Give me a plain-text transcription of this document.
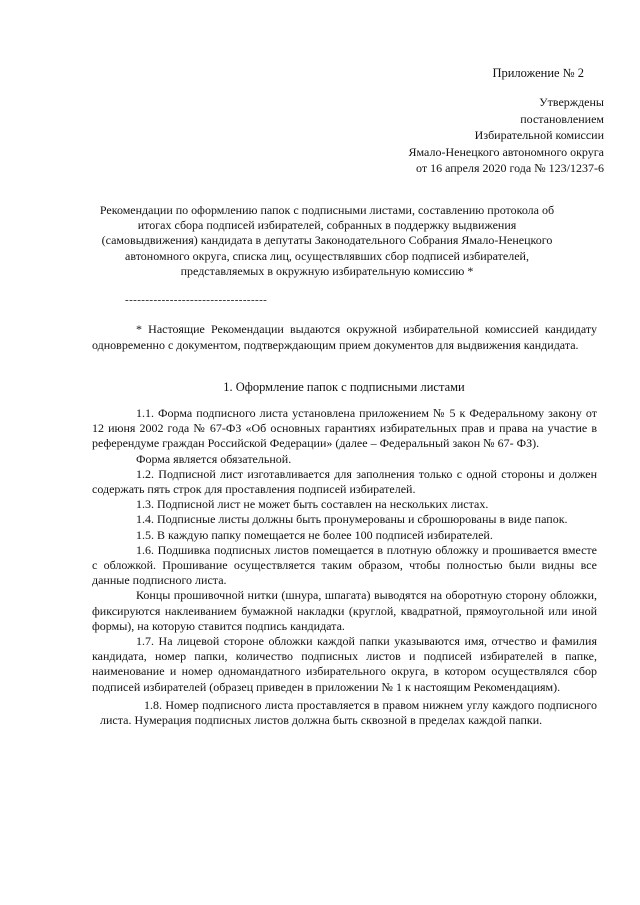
Приложение № 2
Утверждены
постановлением
Избирательной комиссии
Ямало-Ненецкого автономного округа
от 16 апреля 2020 года № 123/1237-6
Рекомендации по оформлению папок с подписными листами, составлению протокола об
итогах сбора подписей избирателей, собранных в поддержку выдвижения
(самовыдвижения) кандидата в депутаты Законодательного Собрания Ямало-Ненецкого
автономного округа, списка лиц, осуществлявших сбор подписей избирателей,
представляемых в окружную избирательную комиссию *
-----------------------------------
* Настоящие Рекомендации выдаются окружной избирательной комиссией кандидату одновременно с документом, подтверждающим прием документов для выдвижения кандидата.
1. Оформление папок с подписными листами

1.1. Форма подписного листа установлена приложением № 5 к Федеральному закону от 12 июня 2002 года № 67-ФЗ «Об основных гарантиях избирательных прав и права на участие в референдуме граждан Российской Федерации» (далее – Федеральный закон № 67- ФЗ).

Форма является обязательной.

1.2. Подписной лист изготавливается для заполнения только с одной стороны и должен содержать пять строк для проставления подписей избирателей.

1.3. Подписной лист не может быть составлен на нескольких листах.

1.4. Подписные листы должны быть пронумерованы и сброшюрованы в виде папок.

1.5. В каждую папку помещается не более 100 подписей избирателей.

1.6. Подшивка подписных листов помещается в плотную обложку и прошивается вместе с обложкой. Прошивание осуществляется таким образом, чтобы полностью были видны все данные подписного листа.

Концы прошивочной нитки (шнура, шпагата) выводятся на оборотную сторону обложки, фиксируются наклеиванием бумажной накладки (круглой, квадратной, прямоугольной или иной формы), на которую ставится подпись кандидата.

1.7. На лицевой стороне обложки каждой папки указываются имя, отчество и фамилия кандидата, номер папки, количество подписных листов и подписей избирателей в папке, наименование и номер одномандатного избирательного округа, в котором осуществлялся сбор подписей избирателей (образец приведен в приложении № 1 к настоящим Рекомендациям).

1.8. Номер подписного листа проставляется в правом нижнем углу каждого подписного листа. Нумерация подписных листов должна быть сквозной в пределах каждой папки.
